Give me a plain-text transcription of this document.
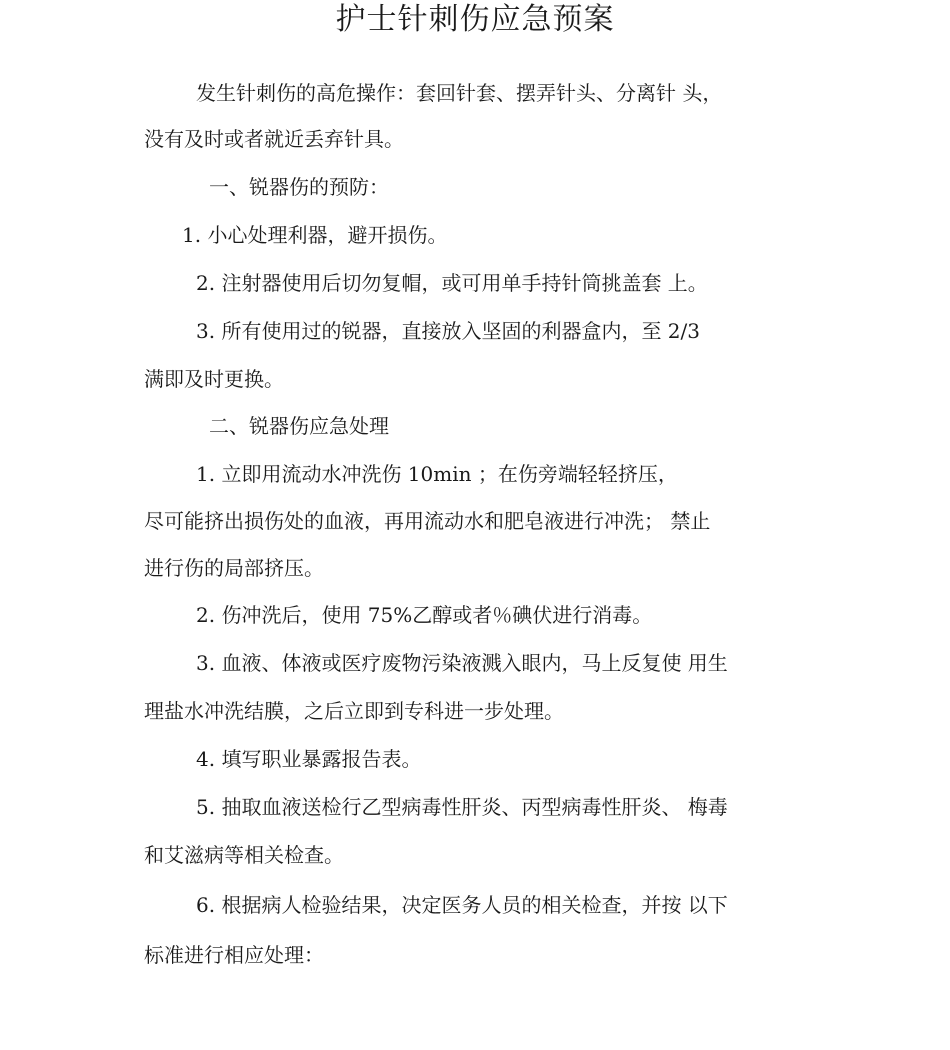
护士针刺伤应急预案
发生针刺伤的高危操作：套回针套、摆弄针头、分离针 头，
没有及时或者就近丢弃针具。
一、锐器伤的预防：
1. 小心处理利器，避开损伤。
2. 注射器使用后切勿复帽，或可用单手持针筒挑盖套 上。
3. 所有使用过的锐器，直接放入坚固的利器盒内，至 2/3
满即及时更换。
二、锐器伤应急处理
1. 立即用流动水冲洗伤 10min ；在伤旁端轻轻挤压，
尽可能挤出损伤处的血液，再用流动水和肥皂液进行冲洗； 禁止
进行伤的局部挤压。
2. 伤冲洗后，使用 75%乙醇或者％碘伏进行消毒。
3. 血液、体液或医疗废物污染液溅入眼内，马上反复使 用生
理盐水冲洗结膜，之后立即到专科进一步处理。
4. 填写职业暴露报告表。
5. 抽取血液送检行乙型病毒性肝炎、丙型病毒性肝炎、 梅毒
和艾滋病等相关检查。
6. 根据病人检验结果，决定医务人员的相关检查，并按 以下
标准进行相应处理：
